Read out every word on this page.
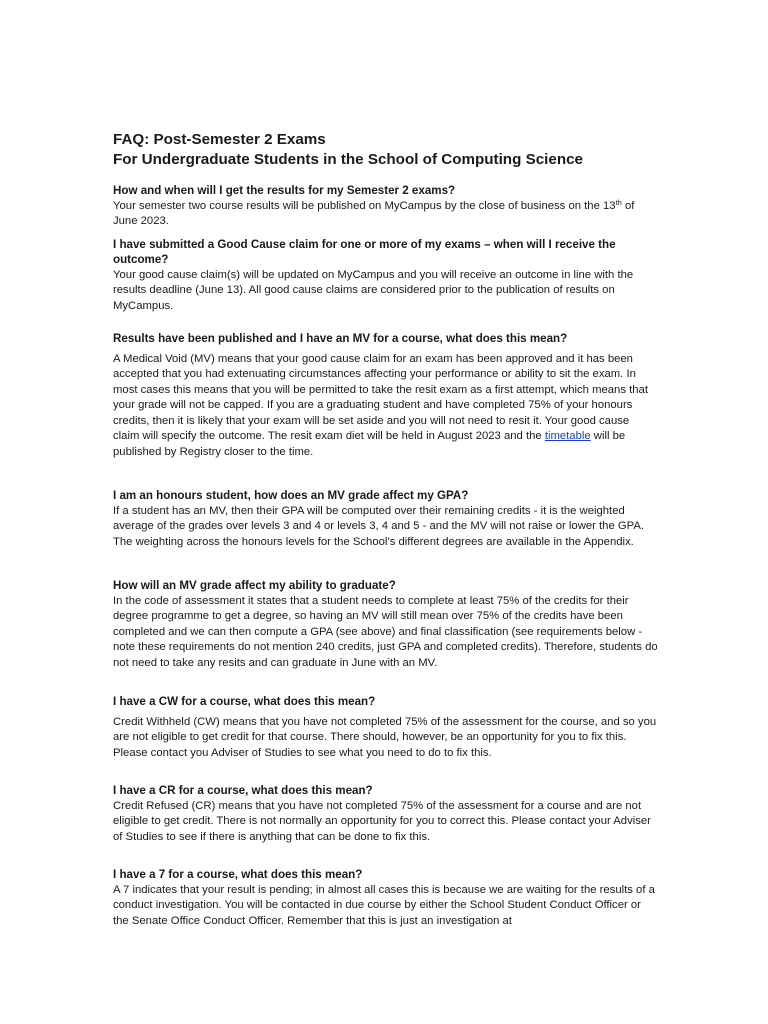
FAQ: Post-Semester 2 Exams

For Undergraduate Students in the School of Computing Science

How and when will I get the results for my Semester 2 exams?

Your semester two course results will be published on MyCampus by the close of business on the 13th of June 2023.

I have submitted a Good Cause claim for one or more of my exams – when will I receive the outcome?

Your good cause claim(s) will be updated on MyCampus and you will receive an outcome in line with the results deadline (June 13). All good cause claims are considered prior to the publication of results on MyCampus.

Results have been published and I have an MV for a course, what does this mean?

A Medical Void (MV) means that your good cause claim for an exam has been approved and it has been accepted that you had extenuating circumstances affecting your performance or ability to sit the exam. In most cases this means that you will be permitted to take the resit exam as a first attempt, which means that your grade will not be capped. If you are a graduating student and have completed 75% of your honours credits, then it is likely that your exam will be set aside and you will not need to resit it. Your good cause claim will specify the outcome. The resit exam diet will be held in August 2023 and the timetable will be published by Registry closer to the time.

I am an honours student, how does an MV grade affect my GPA?

If a student has an MV, then their GPA will be computed over their remaining credits - it is the weighted average of the grades over levels 3 and 4 or levels 3, 4 and 5 - and the MV will not raise or lower the GPA. The weighting across the honours levels for the School’s different degrees are available in the Appendix.

How will an MV grade affect my ability to graduate?

In the code of assessment it states that a student needs to complete at least 75% of the credits for their degree programme to get a degree, so having an MV will still mean over 75% of the credits have been completed and we can then compute a GPA (see above) and final classification (see requirements below - note these requirements do not mention 240 credits, just GPA and completed credits). Therefore, students do not need to take any resits and can graduate in June with an MV.

I have a CW for a course, what does this mean?

Credit Withheld (CW) means that you have not completed 75% of the assessment for the course, and so you are not eligible to get credit for that course. There should, however, be an opportunity for you to fix this. Please contact you Adviser of Studies to see what you need to do to fix this.

I have a CR for a course, what does this mean?

Credit Refused (CR) means that you have not completed 75% of the assessment for a course and are not eligible to get credit. There is not normally an opportunity for you to correct this. Please contact your Adviser of Studies to see if there is anything that can be done to fix this.

I have a 7 for a course, what does this mean?

A 7 indicates that your result is pending; in almost all cases this is because we are waiting for the results of a conduct investigation. You will be contacted in due course by either the School Student Conduct Officer or the Senate Office Conduct Officer. Remember that this is just an investigation at
